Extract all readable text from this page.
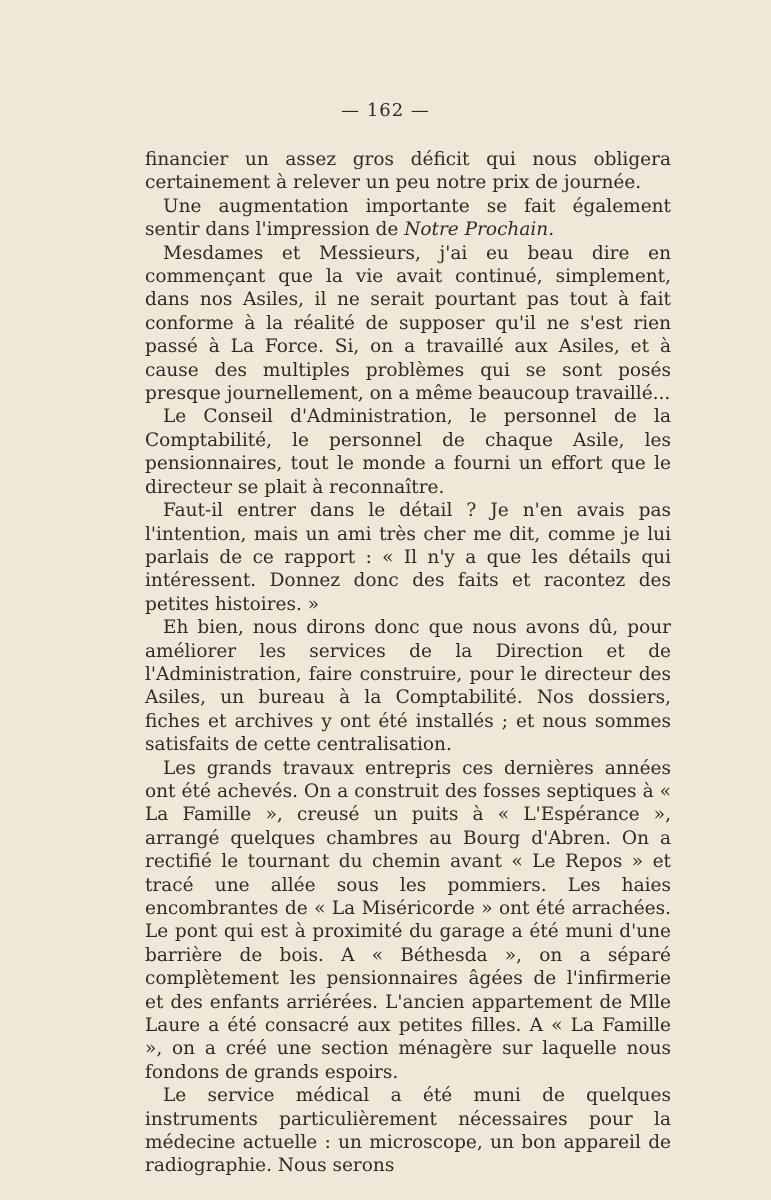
— 162 —

financier un assez gros déficit qui nous obligera certainement à relever un peu notre prix de journée.

Une augmentation importante se fait également sentir dans l'impression de Notre Prochain.

Mesdames et Messieurs, j'ai eu beau dire en commençant que la vie avait continué, simplement, dans nos Asiles, il ne serait pourtant pas tout à fait conforme à la réalité de supposer qu'il ne s'est rien passé à La Force. Si, on a travaillé aux Asiles, et à cause des multiples problèmes qui se sont posés presque journellement, on a même beaucoup travaillé...

Le Conseil d'Administration, le personnel de la Comptabilité, le personnel de chaque Asile, les pensionnaires, tout le monde a fourni un effort que le directeur se plait à reconnaître.

Faut-il entrer dans le détail ? Je n'en avais pas l'intention, mais un ami très cher me dit, comme je lui parlais de ce rapport : « Il n'y a que les détails qui intéressent. Donnez donc des faits et racontez des petites histoires. »

Eh bien, nous dirons donc que nous avons dû, pour améliorer les services de la Direction et de l'Administration, faire construire, pour le directeur des Asiles, un bureau à la Comptabilité. Nos dossiers, fiches et archives y ont été installés ; et nous sommes satisfaits de cette centralisation.

Les grands travaux entrepris ces dernières années ont été achevés. On a construit des fosses septiques à « La Famille », creusé un puits à « L'Espérance », arrangé quelques chambres au Bourg d'Abren. On a rectifié le tournant du chemin avant « Le Repos » et tracé une allée sous les pommiers. Les haies encombrantes de « La Miséricorde » ont été arrachées. Le pont qui est à proximité du garage a été muni d'une barrière de bois. A « Béthesda », on a séparé complètement les pensionnaires âgées de l'infirmerie et des enfants arriérées. L'ancien appartement de Mlle Laure a été consacré aux petites filles. A « La Famille », on a créé une section ménagère sur laquelle nous fondons de grands espoirs.

Le service médical a été muni de quelques instruments particulièrement nécessaires pour la médecine actuelle : un microscope, un bon appareil de radiographie. Nous serons
